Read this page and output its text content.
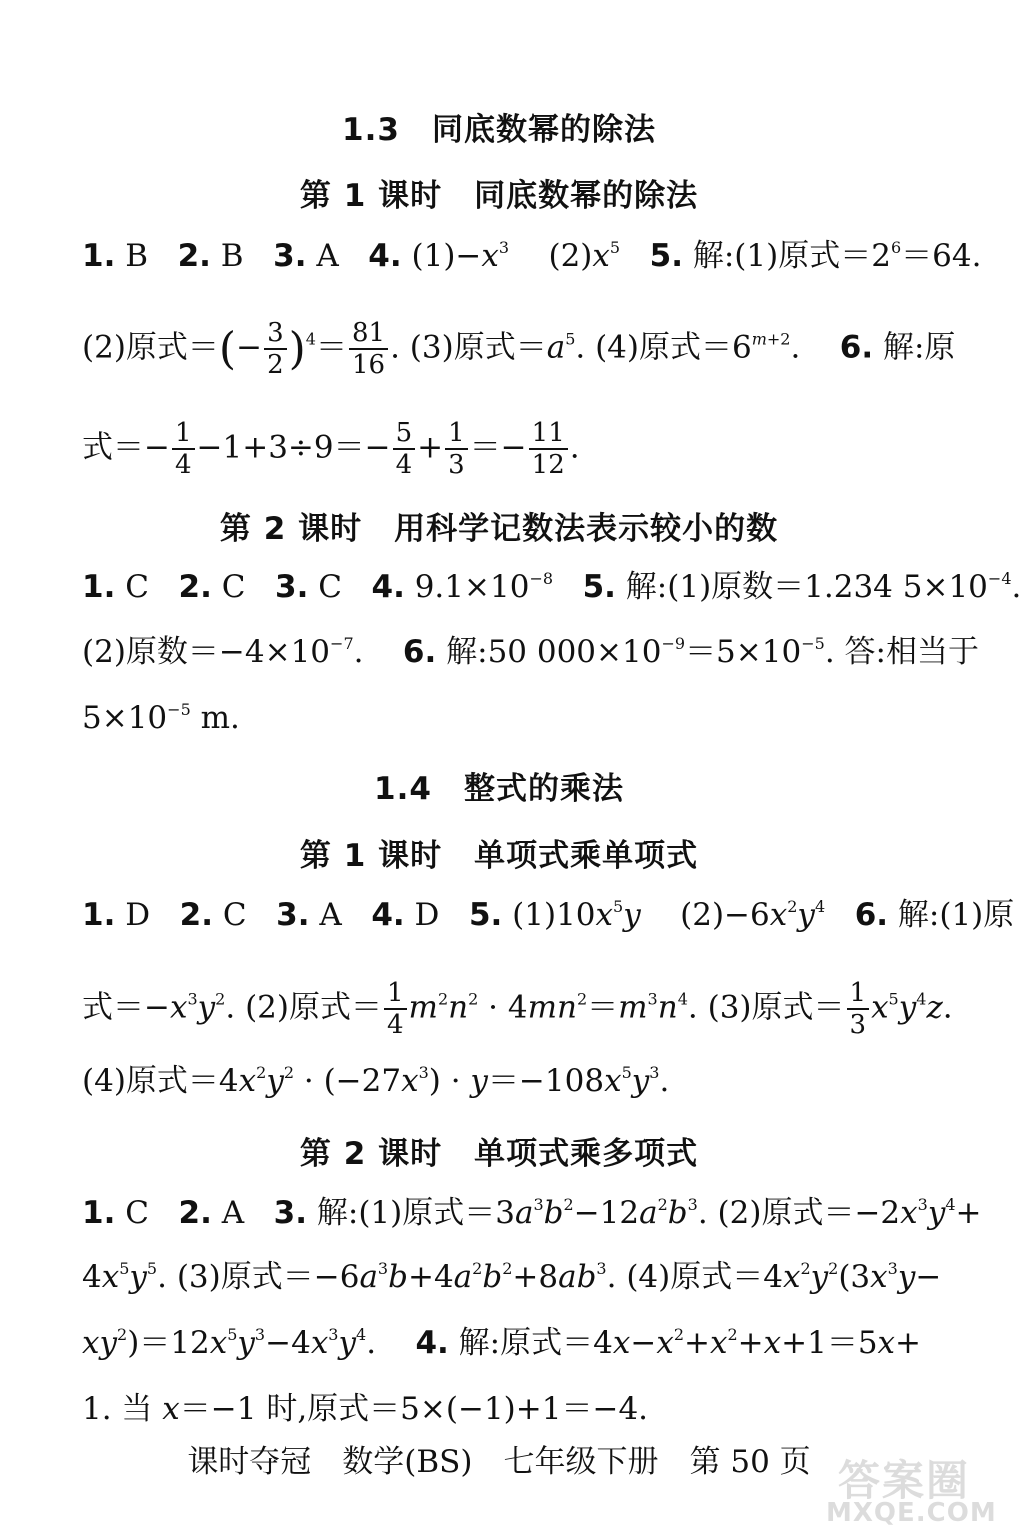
1.3　同底数幂的除法
第 1 课时　同底数幂的除法
1. B   2. B   3. A   4. $(1)-x^3$    $(2)x^5$ 5. 解:(1)原式$=2^6=64$.
(2)原式＝(− $\frac{3}{2} )^4= \frac{81}{16}$ . (3)原式$=a^5$. (4)原式$=6^{m+2}$.    6. 解:原
式＝− $\frac{1}{4} -1+3\div 9=- \frac{5}{4} + \frac{1}{3} =- \frac{11}{12}$ .
第 2 课时　用科学记数法表示较小的数
1. C   2. C   3. C   4. $9.1\times 10^{-8}$ 5. 解:(1)原数＝1.234 $5\times 10^{-4}$.
(2)原数$=-4\times 10^{-7}$.    6. 解:50 $000\times 10^{-9}=5\times 10^{-5}$. 答:相当于
$5\times 10^{-5}$ m.
1.4　整式的乘法
第 1 课时　单项式乘单项式
1. D   2. C   3. A   4. D   5. $(1)10x^5y$    $(2)-6x^2y^4$ 6. 解:(1)原
式$=-x^3y^2$. (2)原式＝ $\frac{1}{4} m^2n^2 \cdot 4mn^2=m^3n^4$. (3)原式＝ $\frac{1}{3} x^5y^4z$.
(4)原式$=4x^2y^2 \cdot (-27x^3) \cdot y=-108x^5y^3$.
第 2 课时　单项式乘多项式
1. C   2. A   3. 解:(1)原式$=3a^3b^2-12a^2b^3$. (2)原式$=-2x^3y^4+$
$4x^5y^5$. (3)原式$=-6a^3b+4a^2b^2+8ab^3$. (4)原式$=4x^2y^2(3x^3y-$
$xy^2)=12x^5y^3-4x^3y^4$.    4. 解:原式$=4x-x^2+x^2+x+1=5x+$
1. 当 x＝−1 时,原式＝5×(−1)+1＝−4.
课时夺冠　数学(BS)　七年级下册　第 50 页 答案圈
MXQE.COM
